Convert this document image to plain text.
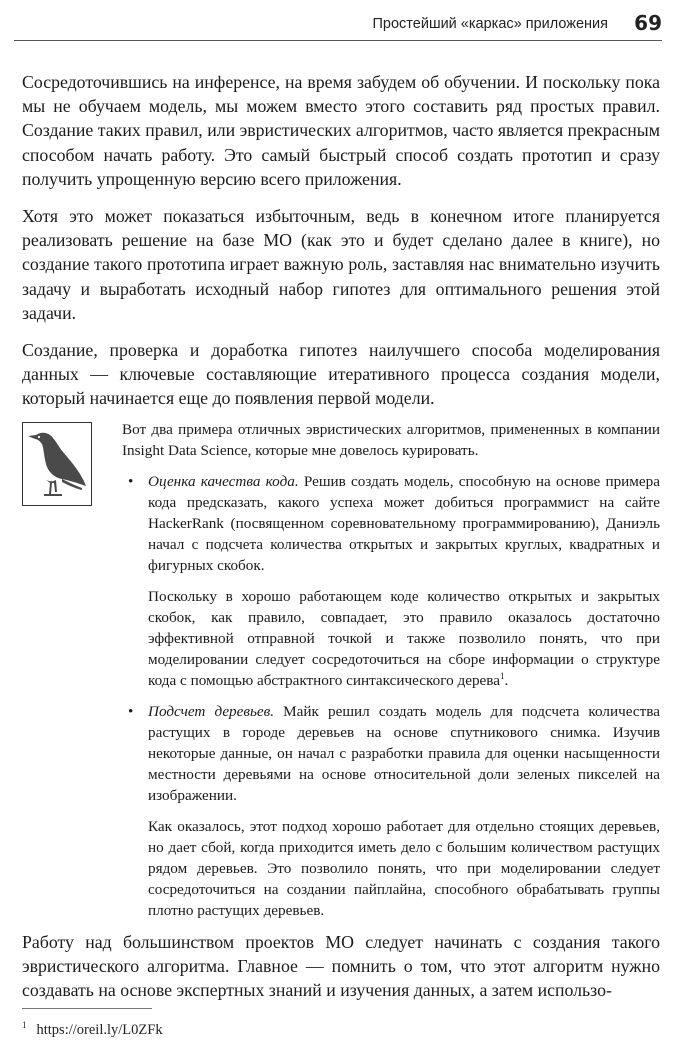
Простейший «каркас» приложения 69

Сосредоточившись на инференсе, на время забудем об обучении. И поскольку пока мы не обучаем модель, мы можем вместо этого составить ряд простых правил. Создание таких правил, или эвристических алгоритмов, часто является прекрасным способом начать работу. Это самый быстрый способ создать прототип и сразу получить упрощенную версию всего приложения.

Хотя это может показаться избыточным, ведь в конечном итоге планируется реализовать решение на базе МО (как это и будет сделано далее в книге), но создание такого прототипа играет важную роль, заставляя нас внимательно изучить задачу и выработать исходный набор гипотез для оптимального решения этой задачи.

Создание, проверка и доработка гипотез наилучшего способа моделирования данных — ключевые составляющие итеративного процесса создания модели, который начинается еще до появления первой модели.

Вот два примера отличных эвристических алгоритмов, примененных в компании Insight Data Science, которые мне довелось курировать.

• Оценка качества кода. Решив создать модель, способную на основе примера кода предсказать, какого успеха может добиться программист на сайте HackerRank (посвященном соревновательному программированию), Даниэль начал с подсчета количества открытых и закрытых круглых, квадратных и фигурных скобок.

Поскольку в хорошо работающем коде количество открытых и закрытых скобок, как правило, совпадает, это правило оказалось достаточно эффективной отправной точкой и также позволило понять, что при моделировании следует сосредоточиться на сборе информации о структуре кода с помощью абстрактного синтаксического дерева$^1$.

• Подсчет деревьев. Майк решил создать модель для подсчета количества растущих в городе деревьев на основе спутникового снимка. Изучив некоторые данные, он начал с разработки правила для оценки насыщенности местности деревьями на основе относительной доли зеленых пикселей на изображении.

Как оказалось, этот подход хорошо работает для отдельно стоящих деревьев, но дает сбой, когда приходится иметь дело с большим количеством растущих рядом деревьев. Это позволило понять, что при моделировании следует сосредоточиться на создании пайплайна, способного обрабатывать группы плотно растущих деревьев.

Работу над большинством проектов МО следует начинать с создания такого эвристического алгоритма. Главное — помнить о том, что этот алгоритм нужно создавать на основе экспертных знаний и изучения данных, а затем использо-

$^1$ https://oreil.ly/L0ZFk
